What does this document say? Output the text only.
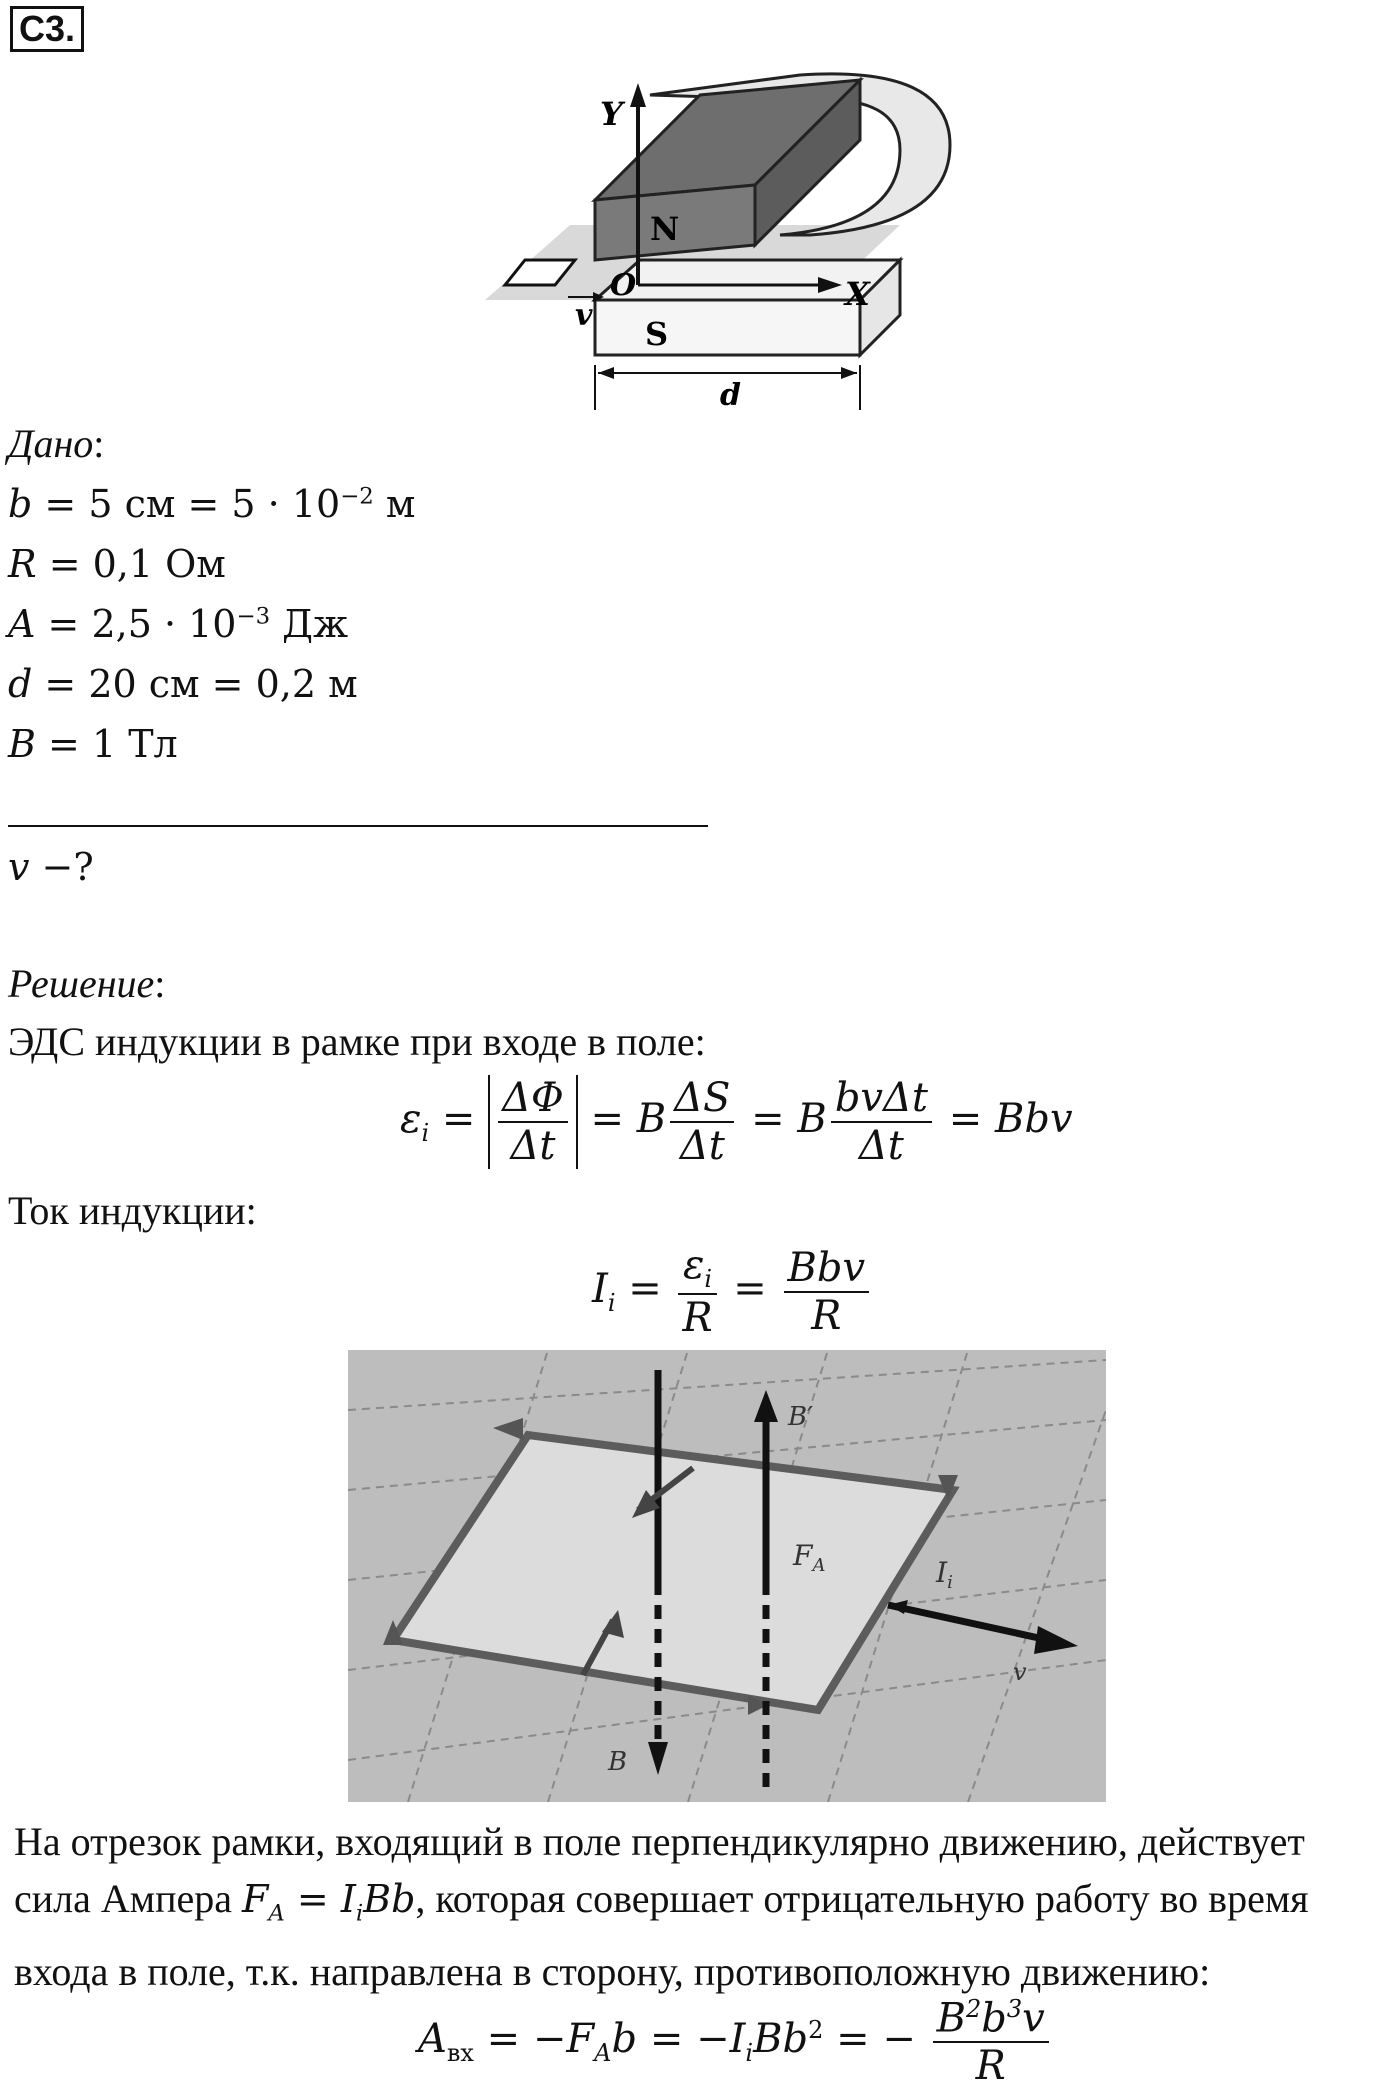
С3.
Y
X
N
S
O
v
d
Дано:
b = 5 см = $5 \cdot 10^{-2}$ м
R = 0,1 Ом
$A = 2,5 \cdot 10^{-3}$ Дж
d = 20 см = 0,2 м
B = 1 Тл
v −?
Решение:
ЭДС индукции в рамке при входе в поле:
$\varepsilon_i = \frac{\Delta\Phi}{\Delta t} = B \frac{\Delta S}{\Delta t} = B \frac{\text{bvΔt}}{\Delta t}$ = Bbv
Ток индукции:
$I_i = \frac{\varepsilon_i}{R} = \frac{\text{Bbv}}{R}$
B′
$F_A$	$I_i$
v
B
На отрезок рамки, входящий в поле перпендикулярно движению, действует
сила Ампера $F_A = I_iBb$, которая совершает отрицательную работу во время
входа в поле, т.к. направлена в сторону, противоположную движению:
$A_{вх} = -F_Ab = -I_iBb^2$ = − $\frac{B^2b^3v}{R}$
